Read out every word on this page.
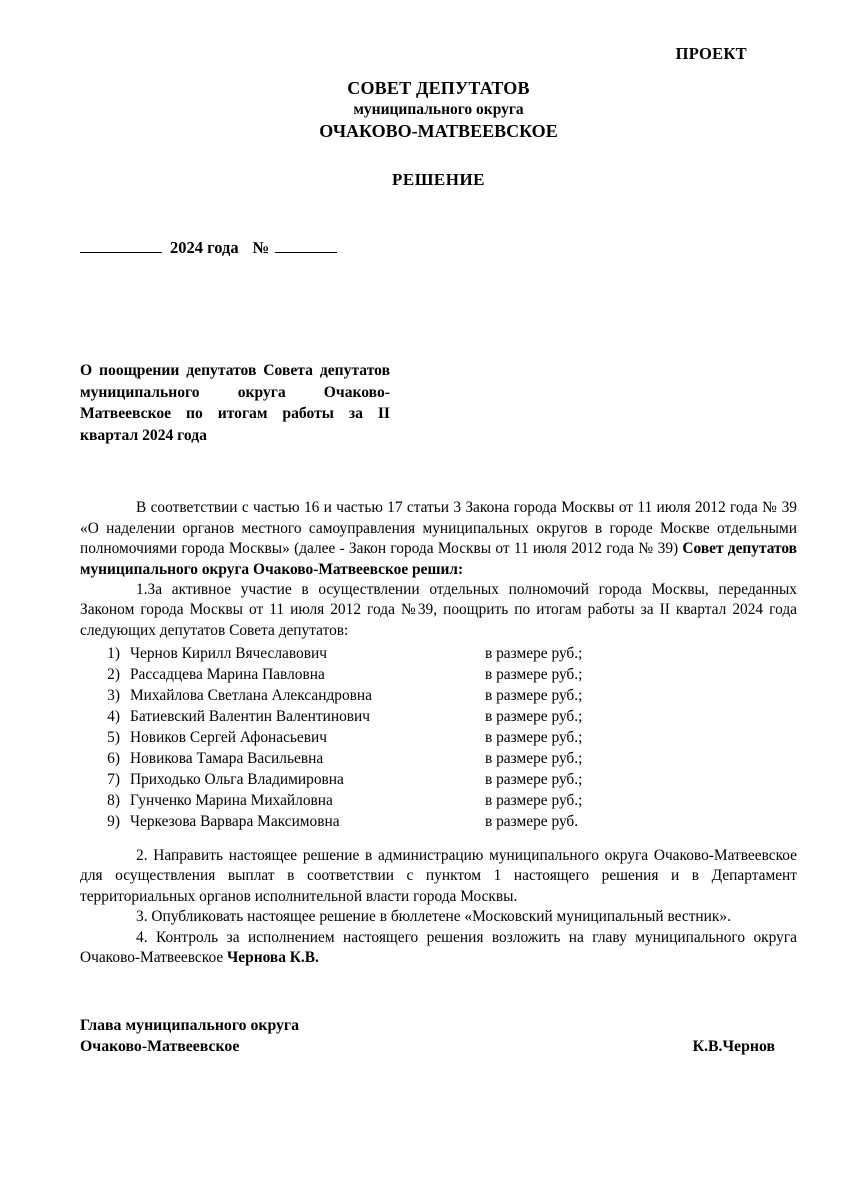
ПРОЕКТ
СОВЕТ ДЕПУТАТОВ
муниципального округа
ОЧАКОВО-МАТВЕЕВСКОЕ
РЕШЕНИЕ
2024 года №
О поощрении депутатов Совета депутатов муниципального округа Очаково-Матвеевское по итогам работы за II квартал 2024 года

В соответствии с частью 16 и частью 17 статьи 3 Закона города Москвы от 11 июля 2012 года № 39 «О наделении органов местного самоуправления муниципальных округов в городе Москве отдельными полномочиями города Москвы» (далее - Закон города Москвы от 11 июля 2012 года № 39) Совет депутатов муниципального округа Очаково-Матвеевское решил:

1.За активное участие в осуществлении отдельных полномочий города Москвы, переданных Законом города Москвы от 11 июля 2012 года №39, поощрить по итогам работы за II квартал 2024 года следующих депутатов Совета депутатов:

1) Чернов Кирилл Вячеславович	в размере руб.;
2) Рассадцева Марина Павловна	в размере руб.;
3) Михайлова Светлана Александровна	в размере руб.;
4) Батиевский Валентин Валентинович	в размере руб.;
5) Новиков Сергей Афонасьевич	в размере руб.;
6) Новикова Тамара Васильевна	в размере руб.;
7) Приходько Ольга Владимировна	в размере руб.;
8) Гунченко Марина Михайловна	в размере руб.;
9) Черкезова Варвара Максимовна	в размере руб.

2. Направить настоящее решение в администрацию муниципального округа Очаково-Матвеевское для осуществления выплат в соответствии с пунктом 1 настоящего решения и в Департамент территориальных органов исполнительной власти города Москвы.

3. Опубликовать настоящее решение в бюллетене «Московский муниципальный вестник».

4. Контроль за исполнением настоящего решения возложить на главу муниципального округа Очаково-Матвеевское Чернова К.В.

Глава муниципального округа
Очаково-Матвеевское	К.В.Чернов
